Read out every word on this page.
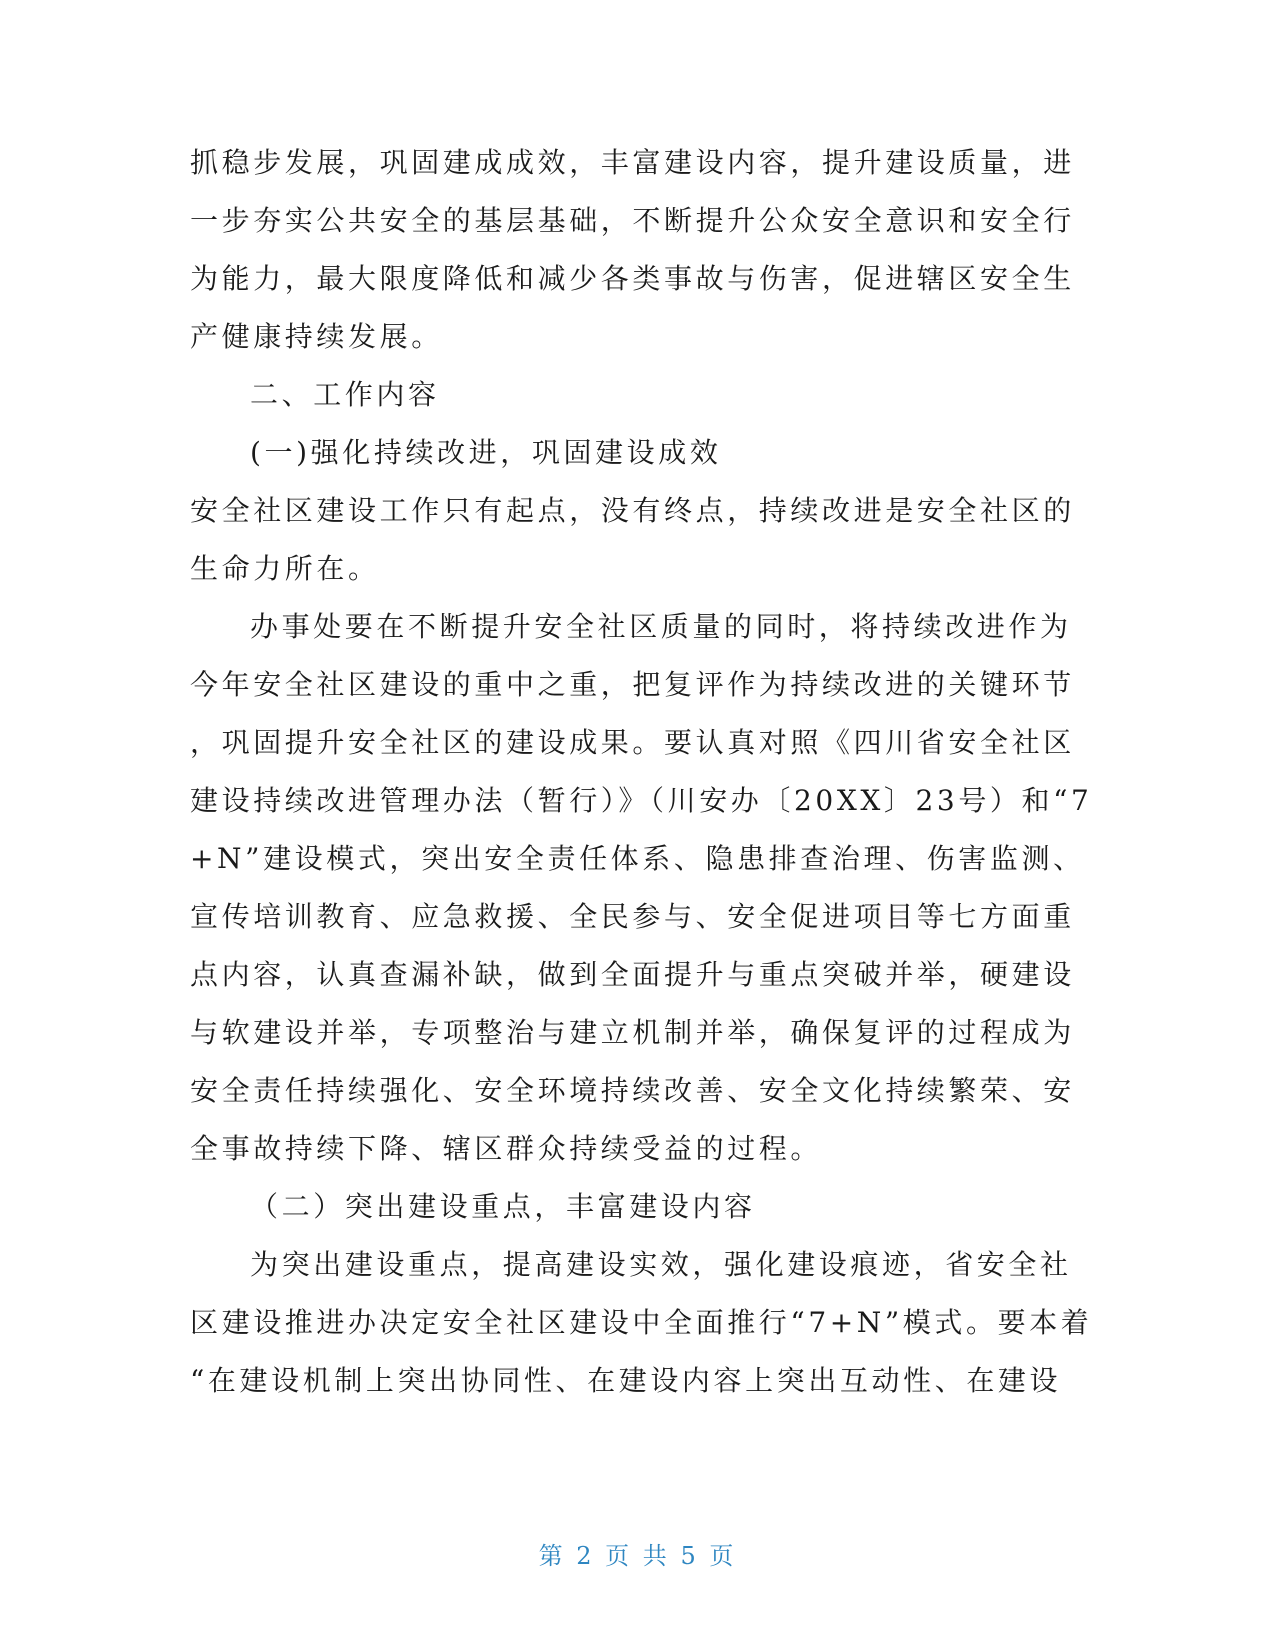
抓稳步发展，巩固建成成效，丰富建设内容，提升建设质量，进
一步夯实公共安全的基层基础，不断提升公众安全意识和安全行
为能力，最大限度降低和减少各类事故与伤害，促进辖区安全生
产健康持续发展。
二、工作内容
(一)强化持续改进，巩固建设成效
安全社区建设工作只有起点，没有终点，持续改进是安全社区的
生命力所在。
办事处要在不断提升安全社区质量的同时，将持续改进作为
今年安全社区建设的重中之重，把复评作为持续改进的关键环节
，巩固提升安全社区的建设成果。要认真对照《四川省安全社区
建设持续改进管理办法（暂行）》（川安办〔20XX〕23号）和“7
+N”建设模式，突出安全责任体系、隐患排查治理、伤害监测、
宣传培训教育、应急救援、全民参与、安全促进项目等七方面重
点内容，认真查漏补缺，做到全面提升与重点突破并举，硬建设
与软建设并举，专项整治与建立机制并举，确保复评的过程成为
安全责任持续强化、安全环境持续改善、安全文化持续繁荣、安
全事故持续下降、辖区群众持续受益的过程。
（二）突出建设重点，丰富建设内容
为突出建设重点，提高建设实效，强化建设痕迹，省安全社
区建设推进办决定安全社区建设中全面推行“7+N”模式。要本着
“在建设机制上突出协同性、在建设内容上突出互动性、在建设
第 2 页 共 5 页
